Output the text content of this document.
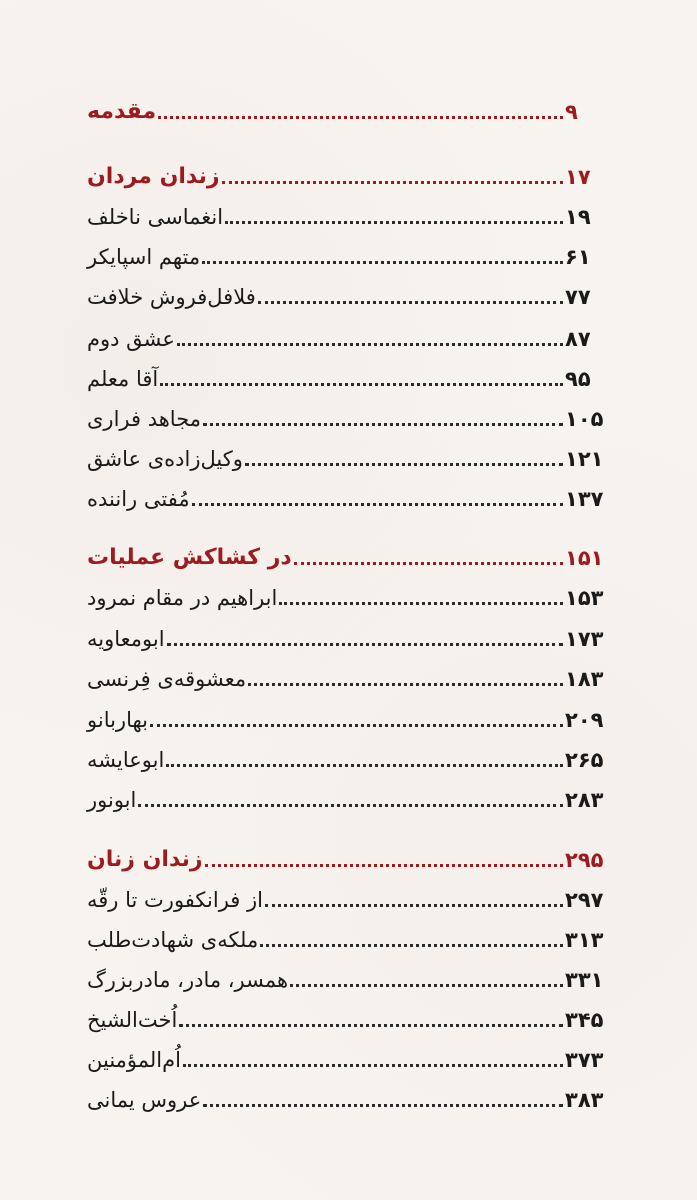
مقدمه	۹
زندان مردان	۱۷
انغماسی ناخلف	۱۹
متهم اسپایکر	۶۱
فلافل‌فروش خلافت	۷۷
عشق دوم	۸۷
آقا معلم	۹۵
مجاهد فراری	۱۰۵
وکیل‌زاده‌ی عاشق	۱۲۱
مُفتی راننده	۱۳۷
در کشاکش عملیات	۱۵۱
ابراهیم در مقام نمرود	۱۵۳
ابومعاویه	۱۷۳
معشوقه‌ی فِرنسی	۱۸۳
بهاربانو	۲۰۹
ابوعایشه	۲۶۵
ابونور	۲۸۳
زندان زنان	۲۹۵
از فرانکفورت تا رقّه	۲۹۷
ملکه‌ی شهادت‌طلب	۳۱۳
همسر، مادر، مادربزرگ	۳۳۱
اُخت‌الشیخ	۳۴۵
اُم‌المؤمنین	۳۷۳
عروس یمانی	۳۸۳
